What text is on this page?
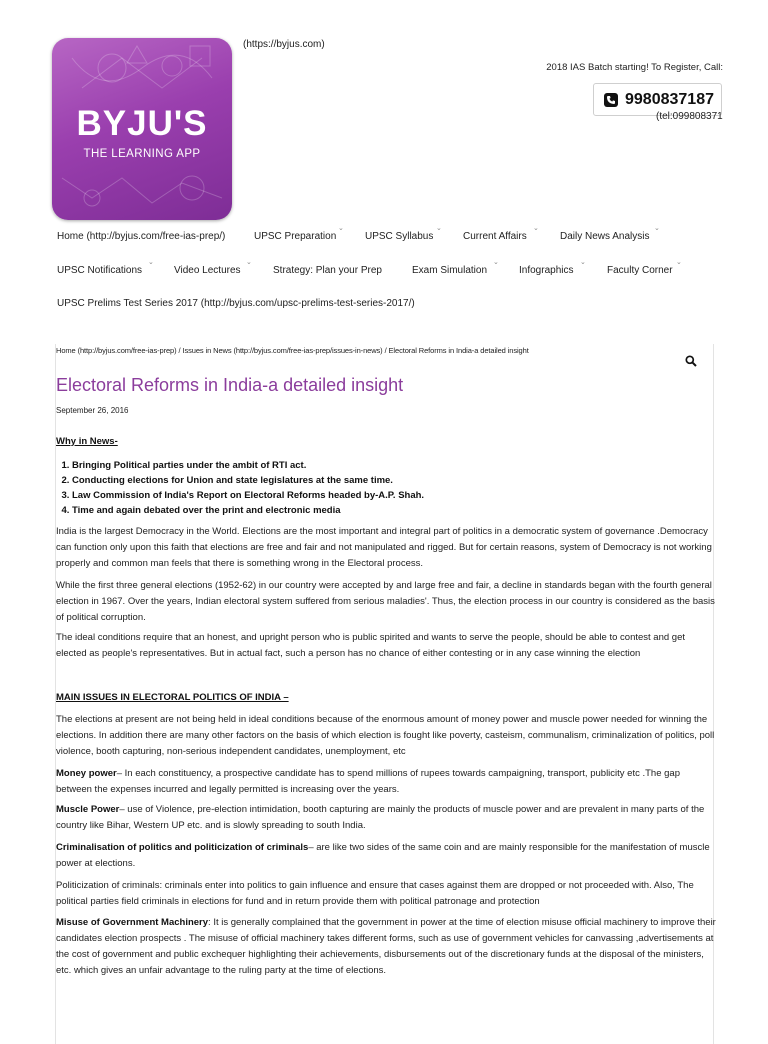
BYJU'S
THE LEARNING APP
(https://byjus.com)
2018 IAS Batch starting! To Register, Call:
9980837187
(tel:099808371
Home (http://byjus.com/free-ias-prep/)	UPSC Preparation
⌄
UPSC Syllabus
⌄
Current Affairs
⌄
Daily News Analysis
⌄
UPSC Notifications
⌄
Video Lectures
⌄
Strategy: Plan your Prep	Exam Simulation
⌄
Infographics
⌄
Faculty Corner
⌄
UPSC Prelims Test Series 2017 (http://byjus.com/upsc-prelims-test-series-2017/)
Home (http://byjus.com/free-ias-prep) / Issues in News (http://byjus.com/free-ias-prep/issues-in-news) / Electoral Reforms in India-a detailed insight
Electoral Reforms in India-a detailed insight
September 26, 2016
Why in News-
1. Bringing Political parties under the ambit of RTI act.
2. Conducting elections for Union and state legislatures at the same time.
3. Law Commission of India's Report on Electoral Reforms headed by-A.P. Shah.
4. Time and again debated over the print and electronic media

India is the largest Democracy in the World. Elections are the most important and integral part of politics in a democratic system of governance .Democracy can function only upon this faith that elections are free and fair and not manipulated and rigged. But for certain reasons, system of Democracy is not working properly and common man feels that there is something wrong in the Electoral process.

While the first three general elections (1952-62) in our country were accepted by and large free and fair, a decline in standards began with the fourth general election in 1967. Over the years, Indian electoral system suffered from serious maladies'. Thus, the election process in our country is considered as the basis of political corruption.

The ideal conditions require that an honest, and upright person who is public spirited and wants to serve the people, should be able to contest and get elected as people's representatives. But in actual fact, such a person has no chance of either contesting or in any case winning the election

MAIN ISSUES IN ELECTORAL POLITICS OF INDIA –

The elections at present are not being held in ideal conditions because of the enormous amount of money power and muscle power needed for winning the elections. In addition there are many other factors on the basis of which election is fought like poverty, casteism, communalism, criminalization of politics, poll violence, booth capturing, non-serious independent candidates, unemployment, etc

Money power– In each constituency, a prospective candidate has to spend millions of rupees towards campaigning, transport, publicity etc .The gap between the expenses incurred and legally permitted is increasing over the years.

Muscle Power– use of Violence, pre-election intimidation, booth capturing are mainly the products of muscle power and are prevalent in many parts of the country like Bihar, Western UP etc. and is slowly spreading to south India.

Criminalisation of politics and politicization of criminals– are like two sides of the same coin and are mainly responsible for the manifestation of muscle power at elections.

Politicization of criminals: criminals enter into politics to gain influence and ensure that cases against them are dropped or not proceeded with. Also, The political parties field criminals in elections for fund and in return provide them with political patronage and protection

Misuse of Government Machinery: It is generally complained that the government in power at the time of election misuse official machinery to improve their candidates election prospects . The misuse of official machinery takes different forms, such as use of government vehicles for canvassing ,advertisements at the cost of government and public exchequer highlighting their achievements, disbursements out of the discretionary funds at the disposal of the ministers, etc. which gives an unfair advantage to the ruling party at the time of elections.
